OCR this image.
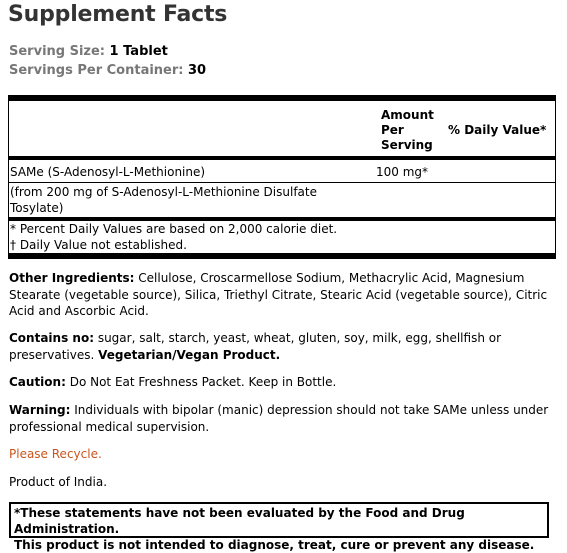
Supplement Facts
Serving Size: 1 Tablet
Servings Per Container: 30
Amount
Per
Serving
% Daily Value*
SAMe (S-Adenosyl-L-Methionine)	100 mg*
(from 200 mg of S-Adenosyl-L-Methionine Disulfate
Tosylate)
* Percent Daily Values are based on 2,000 calorie diet.
† Daily Value not established.
Other Ingredients: Cellulose, Croscarmellose Sodium, Methacrylic Acid, Magnesium Stearate (vegetable source), Silica, Triethyl Citrate, Stearic Acid (vegetable source), Citric Acid and Ascorbic Acid.
Contains no: sugar, salt, starch, yeast, wheat, gluten, soy, milk, egg, shellfish or preservatives. Vegetarian/Vegan Product.
Caution: Do Not Eat Freshness Packet. Keep in Bottle.
Warning: Individuals with bipolar (manic) depression should not take SAMe unless under professional medical supervision.
Please Recycle.
Product of India.
*These statements have not been evaluated by the Food and Drug Administration.
This product is not intended to diagnose, treat, cure or prevent any disease.
